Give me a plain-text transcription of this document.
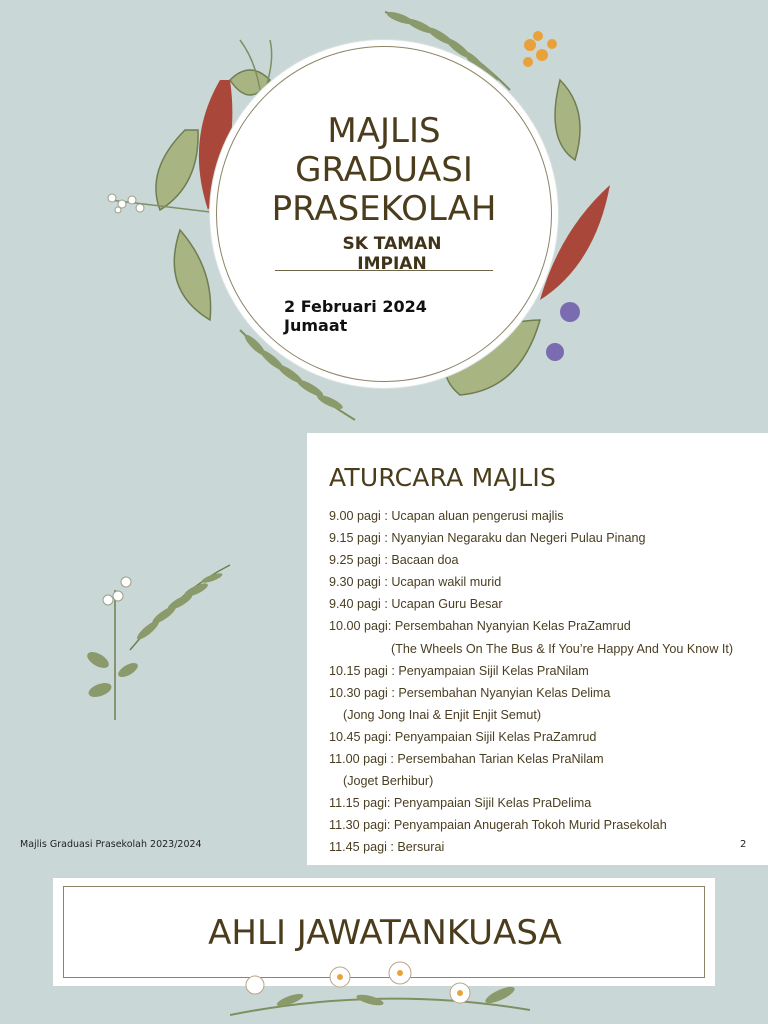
MAJLIS
GRADUASI
PRASEKOLAH
SK TAMAN
IMPIAN
2 Februari 2024
Jumaat
ATURCARA MAJLIS
9.00 pagi : Ucapan aluan pengerusi majlis
9.15 pagi : Nyanyian Negaraku dan Negeri Pulau Pinang
9.25 pagi : Bacaan doa
9.30 pagi : Ucapan wakil murid
9.40 pagi : Ucapan Guru Besar
10.00 pagi: Persembahan Nyanyian Kelas PraZamrud
(The Wheels On The Bus & If You’re Happy And You Know It)
10.15 pagi : Penyampaian Sijil Kelas PraNilam
10.30 pagi : Persembahan Nyanyian Kelas Delima
(Jong Jong Inai & Enjit Enjit Semut)
10.45 pagi: Penyampaian Sijil Kelas PraZamrud
11.00 pagi : Persembahan Tarian Kelas PraNilam
(Joget Berhibur)
11.15 pagi: Penyampaian Sijil Kelas PraDelima
11.30 pagi: Penyampaian Anugerah Tokoh Murid Prasekolah
11.45 pagi : Bersurai
Majlis Graduasi Prasekolah 2023/2024	2
AHLI JAWATANKUASA
